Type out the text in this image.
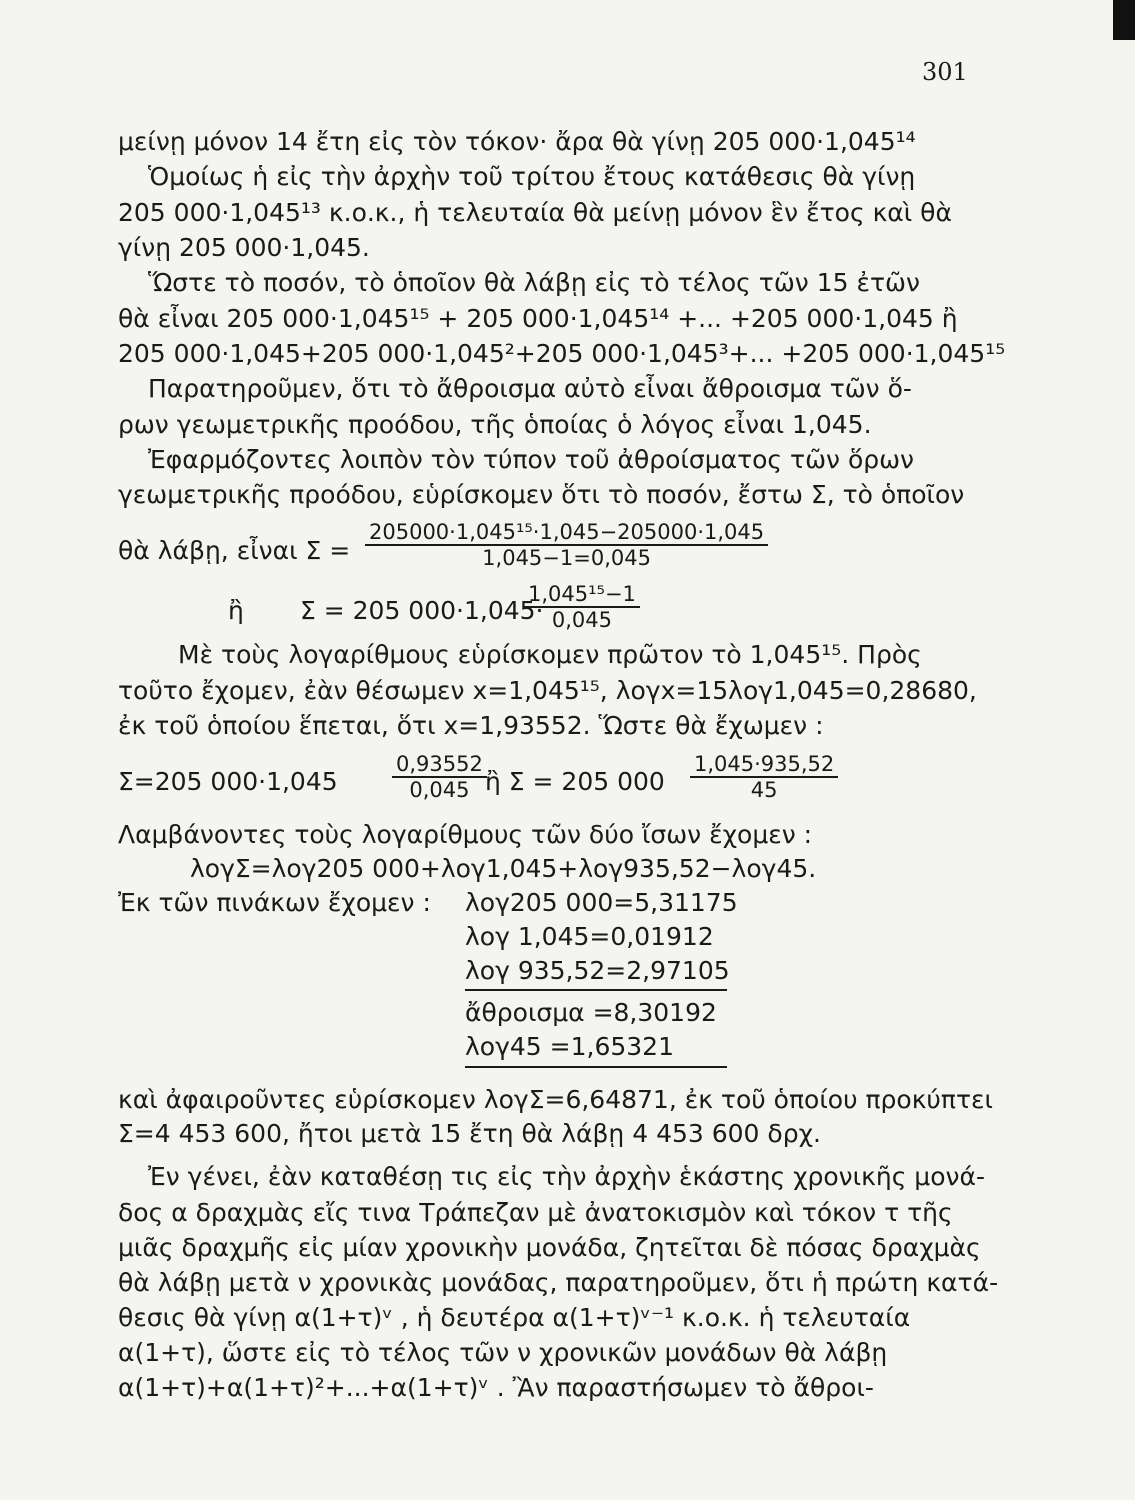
301
μείνῃ μόνον 14 ἔτη εἰς τὸν τόκον· ἄρα θὰ γίνῃ 205 000·1,045¹⁴
Ὁμοίως ἡ εἰς τὴν ἀρχὴν τοῦ τρίτου ἔτους κατάθεσις θὰ γίνῃ
205 000·1,045¹³ κ.ο.κ., ἡ τελευταία θὰ μείνῃ μόνον ἓν ἔτος καὶ θὰ
γίνῃ 205 000·1,045.
Ὥστε τὸ ποσόν, τὸ ὁποῖον θὰ λάβῃ εἰς τὸ τέλος τῶν 15 ἐτῶν
θὰ εἶναι 205 000·1,045¹⁵ + 205 000·1,045¹⁴ +... +205 000·1,045 ἢ
205 000·1,045+205 000·1,045²+205 000·1,045³+... +205 000·1,045¹⁵
Παρατηροῦμεν, ὅτι τὸ ἄθροισμα αὐτὸ εἶναι ἄθροισμα τῶν ὅ-
ρων γεωμετρικῆς προόδου, τῆς ὁποίας ὁ λόγος εἶναι 1,045.
Ἐφαρμόζοντες λοιπὸν τὸν τύπον τοῦ ἀθροίσματος τῶν ὅρων
γεωμετρικῆς προόδου, εὑρίσκομεν ὅτι τὸ ποσόν, ἔστω Σ, τὸ ὁποῖον
θὰ λάβῃ, εἶναι $\Sigma = \frac{\text{205000·1,045¹⁵·1,045−205000·1,045}}{1,045-1=0,045}$
ἢ Σ = 205 000·1,045·
$\frac{\text{1,045¹⁵−1}}{0,045}$
Μὲ τοὺς λογαρίθμους εὑρίσκομεν πρῶτον τὸ 1,045¹⁵. Πρὸς
τοῦτο ἔχομεν, ἐὰν θέσωμεν x=1,045¹⁵, λογx=15λογ1,045=0,28680,
ἐκ τοῦ ὁποίου ἕπεται, ὅτι x=1,93552. Ὥστε θὰ ἔχωμεν :
Σ=205 000·1,045	$\frac{0,93552}{0,045}$
ἢ Σ = 205 $000 \frac{1,045\cdot 935,52}{45}$
Λαμβάνοντες τοὺς λογαρίθμους τῶν δύο ἴσων ἔχομεν :
λογΣ=λογ205 000+λογ1,045+λογ935,52−λογ45.
Ἐκ τῶν πινάκων ἔχομεν : λογ205 000=5,31175
λογ 1,045=0,01912
λογ 935,52=2,97105
ἄθροισμα =8,30192
λογ45 =1,65321
καὶ ἀφαιροῦντες εὑρίσκομεν λογΣ=6,64871, ἐκ τοῦ ὁποίου προκύπτει
Σ=4 453 600, ἤτοι μετὰ 15 ἔτη θὰ λάβῃ 4 453 600 δρχ.
Ἐν γένει, ἐὰν καταθέσῃ τις εἰς τὴν ἀρχὴν ἑκάστης χρονικῆς μονά-
δος α δραχμὰς εἴς τινα Τράπεζαν μὲ ἀνατοκισμὸν καὶ τόκον τ τῆς
μιᾶς δραχμῆς εἰς μίαν χρονικὴν μονάδα, ζητεῖται δὲ πόσας δραχμὰς
θὰ λάβῃ μετὰ ν χρονικὰς μονάδας, παρατηροῦμεν, ὅτι ἡ πρώτη κατά-
θεσις θὰ γίνῃ α(1+τ)ᵛ , ἡ δευτέρα α(1+τ)ᵛ⁻¹ κ.ο.κ. ἡ τελευταία
α(1+τ), ὥστε εἰς τὸ τέλος τῶν ν χρονικῶν μονάδων θὰ λάβῃ
α(1+τ)+α(1+τ)²+...+α(1+τ)ᵛ . Ἂν παραστήσωμεν τὸ ἄθροι-
